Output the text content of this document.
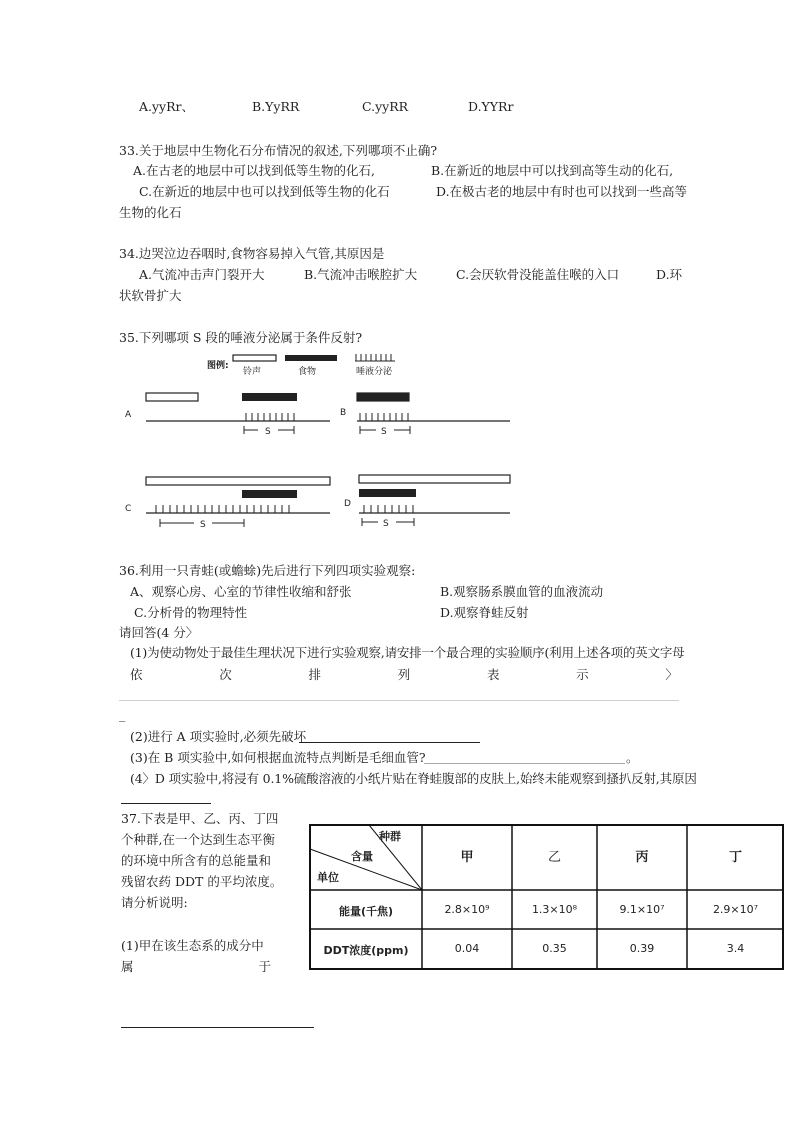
A.yyRr、	B.YyRR	C.yyRR	D.YYRr
33.关于地层中生物化石分布情况的叙述,下列哪项不止确?
A.在古老的地层中可以找到低等生物的化石,	B.在新近的地层中可以找到高等生动的化石,
C.在新近的地层中也可以找到低等生物的化石	D.在极古老的地层中有时也可以找到一些高等
生物的化石
34.边哭泣边吞咽时,食物容易掉入气管,其原因是
A.气流冲击声门裂开大	B.气流冲击喉腔扩大	C.会厌软骨没能盖住喉的入口	D.环
状软骨扩大
35.下列哪项 S 段的唾液分泌属于条件反射?
图例:
铃声	食物	唾液分泌
A
S
B
S
C
S
D
S
36.利用一只青蛙(或蟾蜍)先后进行下列四项实验观察:
A、观察心房、心室的节律性收缩和舒张	B.观察肠系膜血管的血液流动
C.分析骨的物理特性	D.观察脊蛙反射
请回答(4 分〉
(1)为使动物处于最佳生理状况下进行实验观察,请安排一个最合理的实验顺序(利用上述各项的英文字母
依	次	排	列	表	示	〉
_
(2)进行 A 项实验时,必须先破坏
(3)在 B 项实验中,如何根据血流特点判断是毛细血管?	。
(4〉D 项实验中,将浸有 0.1%硫酸溶液的小纸片贴在脊蛙腹部的皮肤上,始终未能观察到搔扒反射,其原因
37.下表是甲、乙、丙、丁四
个种群,在一个达到生态平衡
的环境中所含有的总能量和
残留农药 DDT 的平均浓度。
请分析说明:
(1)甲在该生态系的成分中
属	于
种群
含量
单位
甲	乙	丙	丁
能量(千焦)	2.8×10⁹	1.3×10⁸	9.1×10⁷	2.9×10⁷
DDT浓度(ppm)	0.04	0.35	0.39	3.4
